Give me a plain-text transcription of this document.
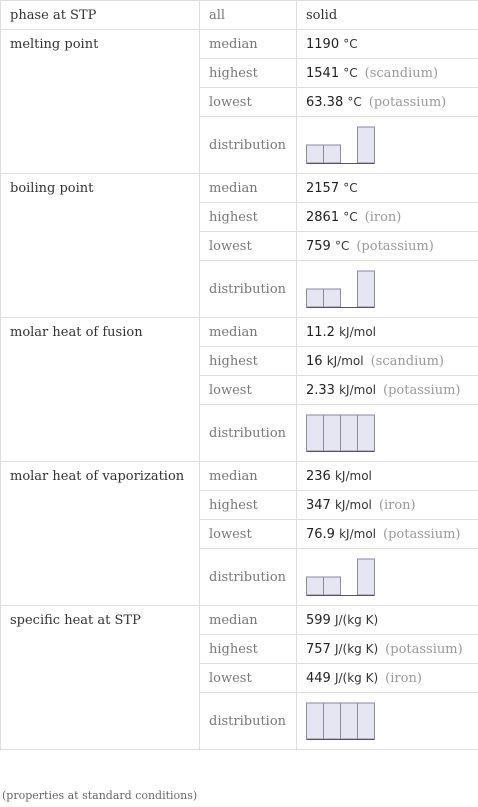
phase at STP	all	solid
melting point	median	1190 °C
	highest	1541 °C (scandium)
	lowest	63.38 °C (potassium)
	distribution	

boiling point	median	2157 °C
	highest	2861 °C (iron)
	lowest	759 °C (potassium)
	distribution	

molar heat of fusion	median	11.2 kJ/mol
	highest	16 kJ/mol (scandium)
	lowest	2.33 kJ/mol (potassium)
	distribution	

molar heat of vaporization	median	236 kJ/mol
	highest	347 kJ/mol (iron)
	lowest	76.9 kJ/mol (potassium)
	distribution	

specific heat at STP	median	599 J/(kg K)
	highest	757 J/(kg K) (potassium)
	lowest	449 J/(kg K) (iron)
	distribution	
(properties at standard conditions)
